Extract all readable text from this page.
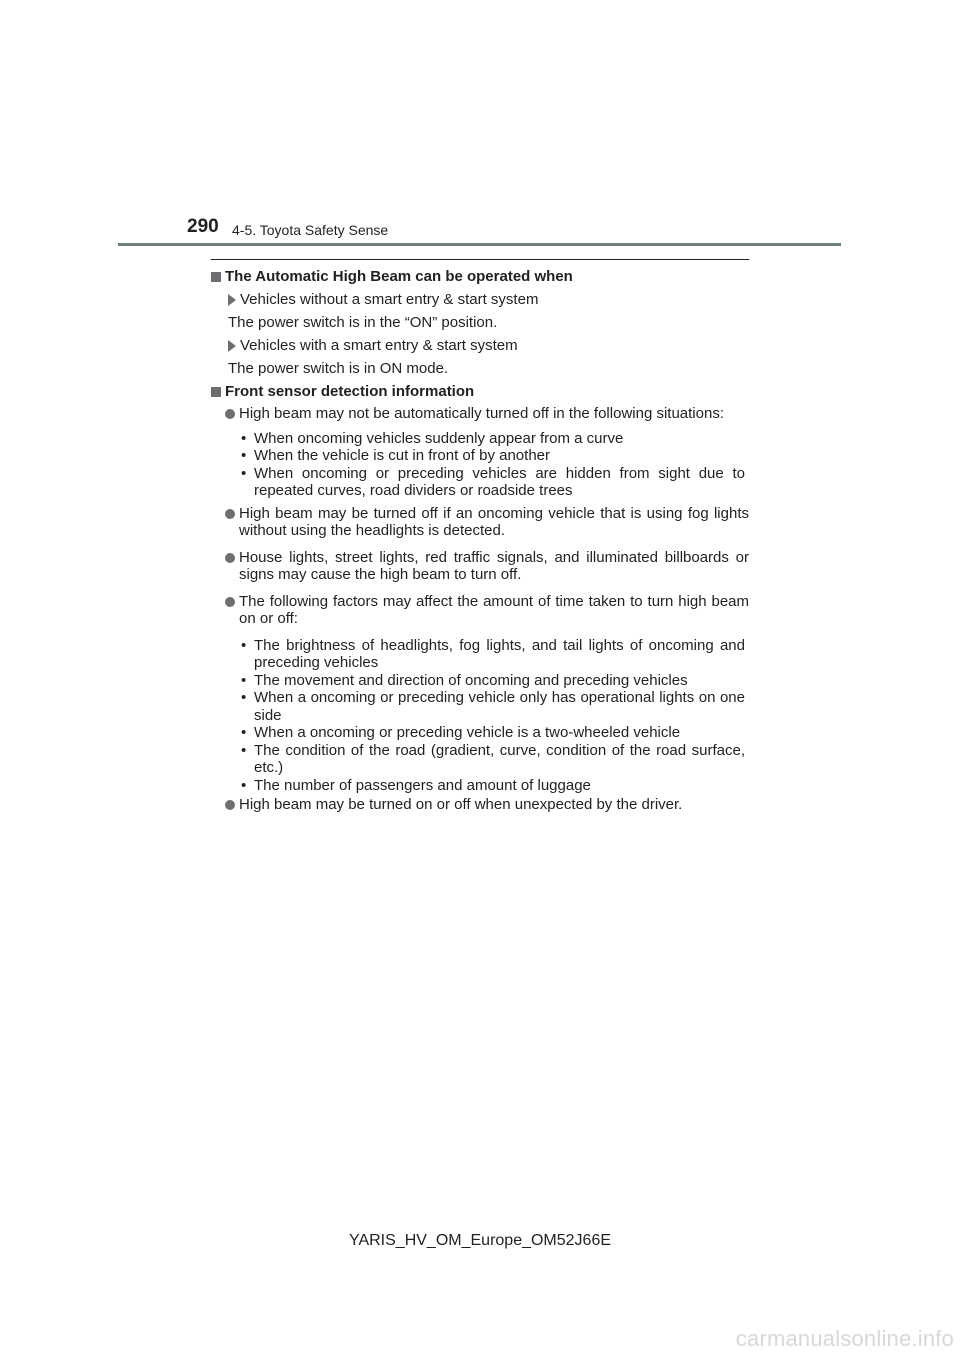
290 4-5. Toyota Safety Sense
The Automatic High Beam can be operated when
Vehicles without a smart entry & start system
The power switch is in the “ON” position.
Vehicles with a smart entry & start system
The power switch is in ON mode.
Front sensor detection information
High beam may not be automatically turned off in the following situations:
• When oncoming vehicles suddenly appear from a curve
• When the vehicle is cut in front of by another
• When oncoming or preceding vehicles are hidden from sight due to repeated curves, road dividers or roadside trees
High beam may be turned off if an oncoming vehicle that is using fog lights without using the headlights is detected.
House lights, street lights, red traffic signals, and illuminated billboards or signs may cause the high beam to turn off.
The following factors may affect the amount of time taken to turn high beam on or off:
• The brightness of headlights, fog lights, and tail lights of oncoming and preceding vehicles
• The movement and direction of oncoming and preceding vehicles
• When a oncoming or preceding vehicle only has operational lights on one side
• When a oncoming or preceding vehicle is a two-wheeled vehicle
• The condition of the road (gradient, curve, condition of the road surface, etc.)
• The number of passengers and amount of luggage
High beam may be turned on or off when unexpected by the driver.
YARIS_HV_OM_Europe_OM52J66E
carmanualsonline.info
